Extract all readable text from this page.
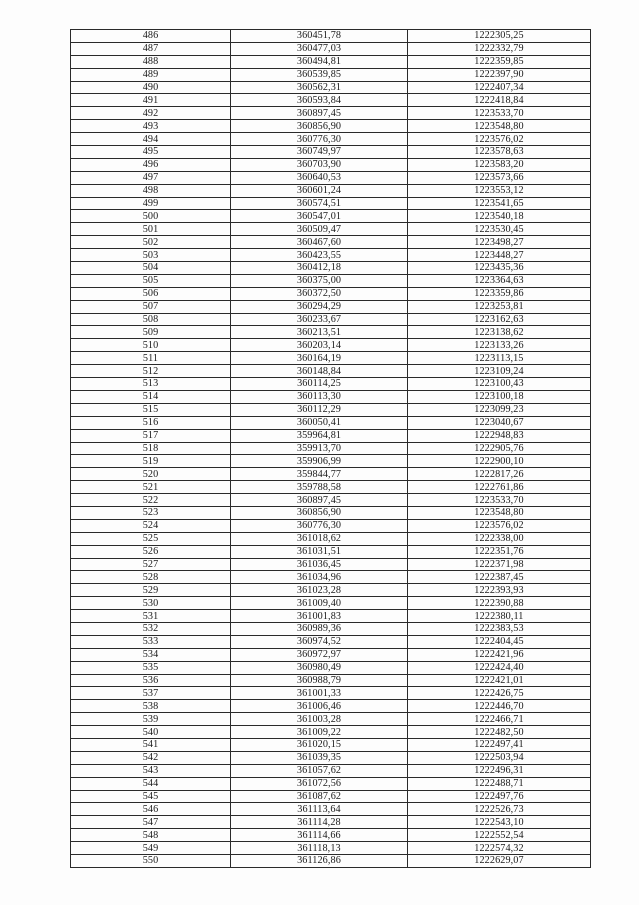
486	360451,78	1222305,25
487	360477,03	1222332,79
488	360494,81	1222359,85
489	360539,85	1222397,90
490	360562,31	1222407,34
491	360593,84	1222418,84
492	360897,45	1223533,70
493	360856,90	1223548,80
494	360776,30	1223576,02
495	360749,97	1223578,63
496	360703,90	1223583,20
497	360640,53	1223573,66
498	360601,24	1223553,12
499	360574,51	1223541,65
500	360547,01	1223540,18
501	360509,47	1223530,45
502	360467,60	1223498,27
503	360423,55	1223448,27
504	360412,18	1223435,36
505	360375,00	1223364,63
506	360372,50	1223359,86
507	360294,29	1223253,81
508	360233,67	1223162,63
509	360213,51	1223138,62
510	360203,14	1223133,26
511	360164,19	1223113,15
512	360148,84	1223109,24
513	360114,25	1223100,43
514	360113,30	1223100,18
515	360112,29	1223099,23
516	360050,41	1223040,67
517	359964,81	1222948,83
518	359913,70	1222905,76
519	359906,99	1222900,10
520	359844,77	1222817,26
521	359788,58	1222761,86
522	360897,45	1223533,70
523	360856,90	1223548,80
524	360776,30	1223576,02
525	361018,62	1222338,00
526	361031,51	1222351,76
527	361036,45	1222371,98
528	361034,96	1222387,45
529	361023,28	1222393,93
530	361009,40	1222390,88
531	361001,83	1222380,11
532	360989,36	1222383,53
533	360974,52	1222404,45
534	360972,97	1222421,96
535	360980,49	1222424,40
536	360988,79	1222421,01
537	361001,33	1222426,75
538	361006,46	1222446,70
539	361003,28	1222466,71
540	361009,22	1222482,50
541	361020,15	1222497,41
542	361039,35	1222503,94
543	361057,62	1222496,31
544	361072,56	1222488,71
545	361087,62	1222497,76
546	361113,64	1222526,73
547	361114,28	1222543,10
548	361114,66	1222552,54
549	361118,13	1222574,32
550	361126,86	1222629,07
